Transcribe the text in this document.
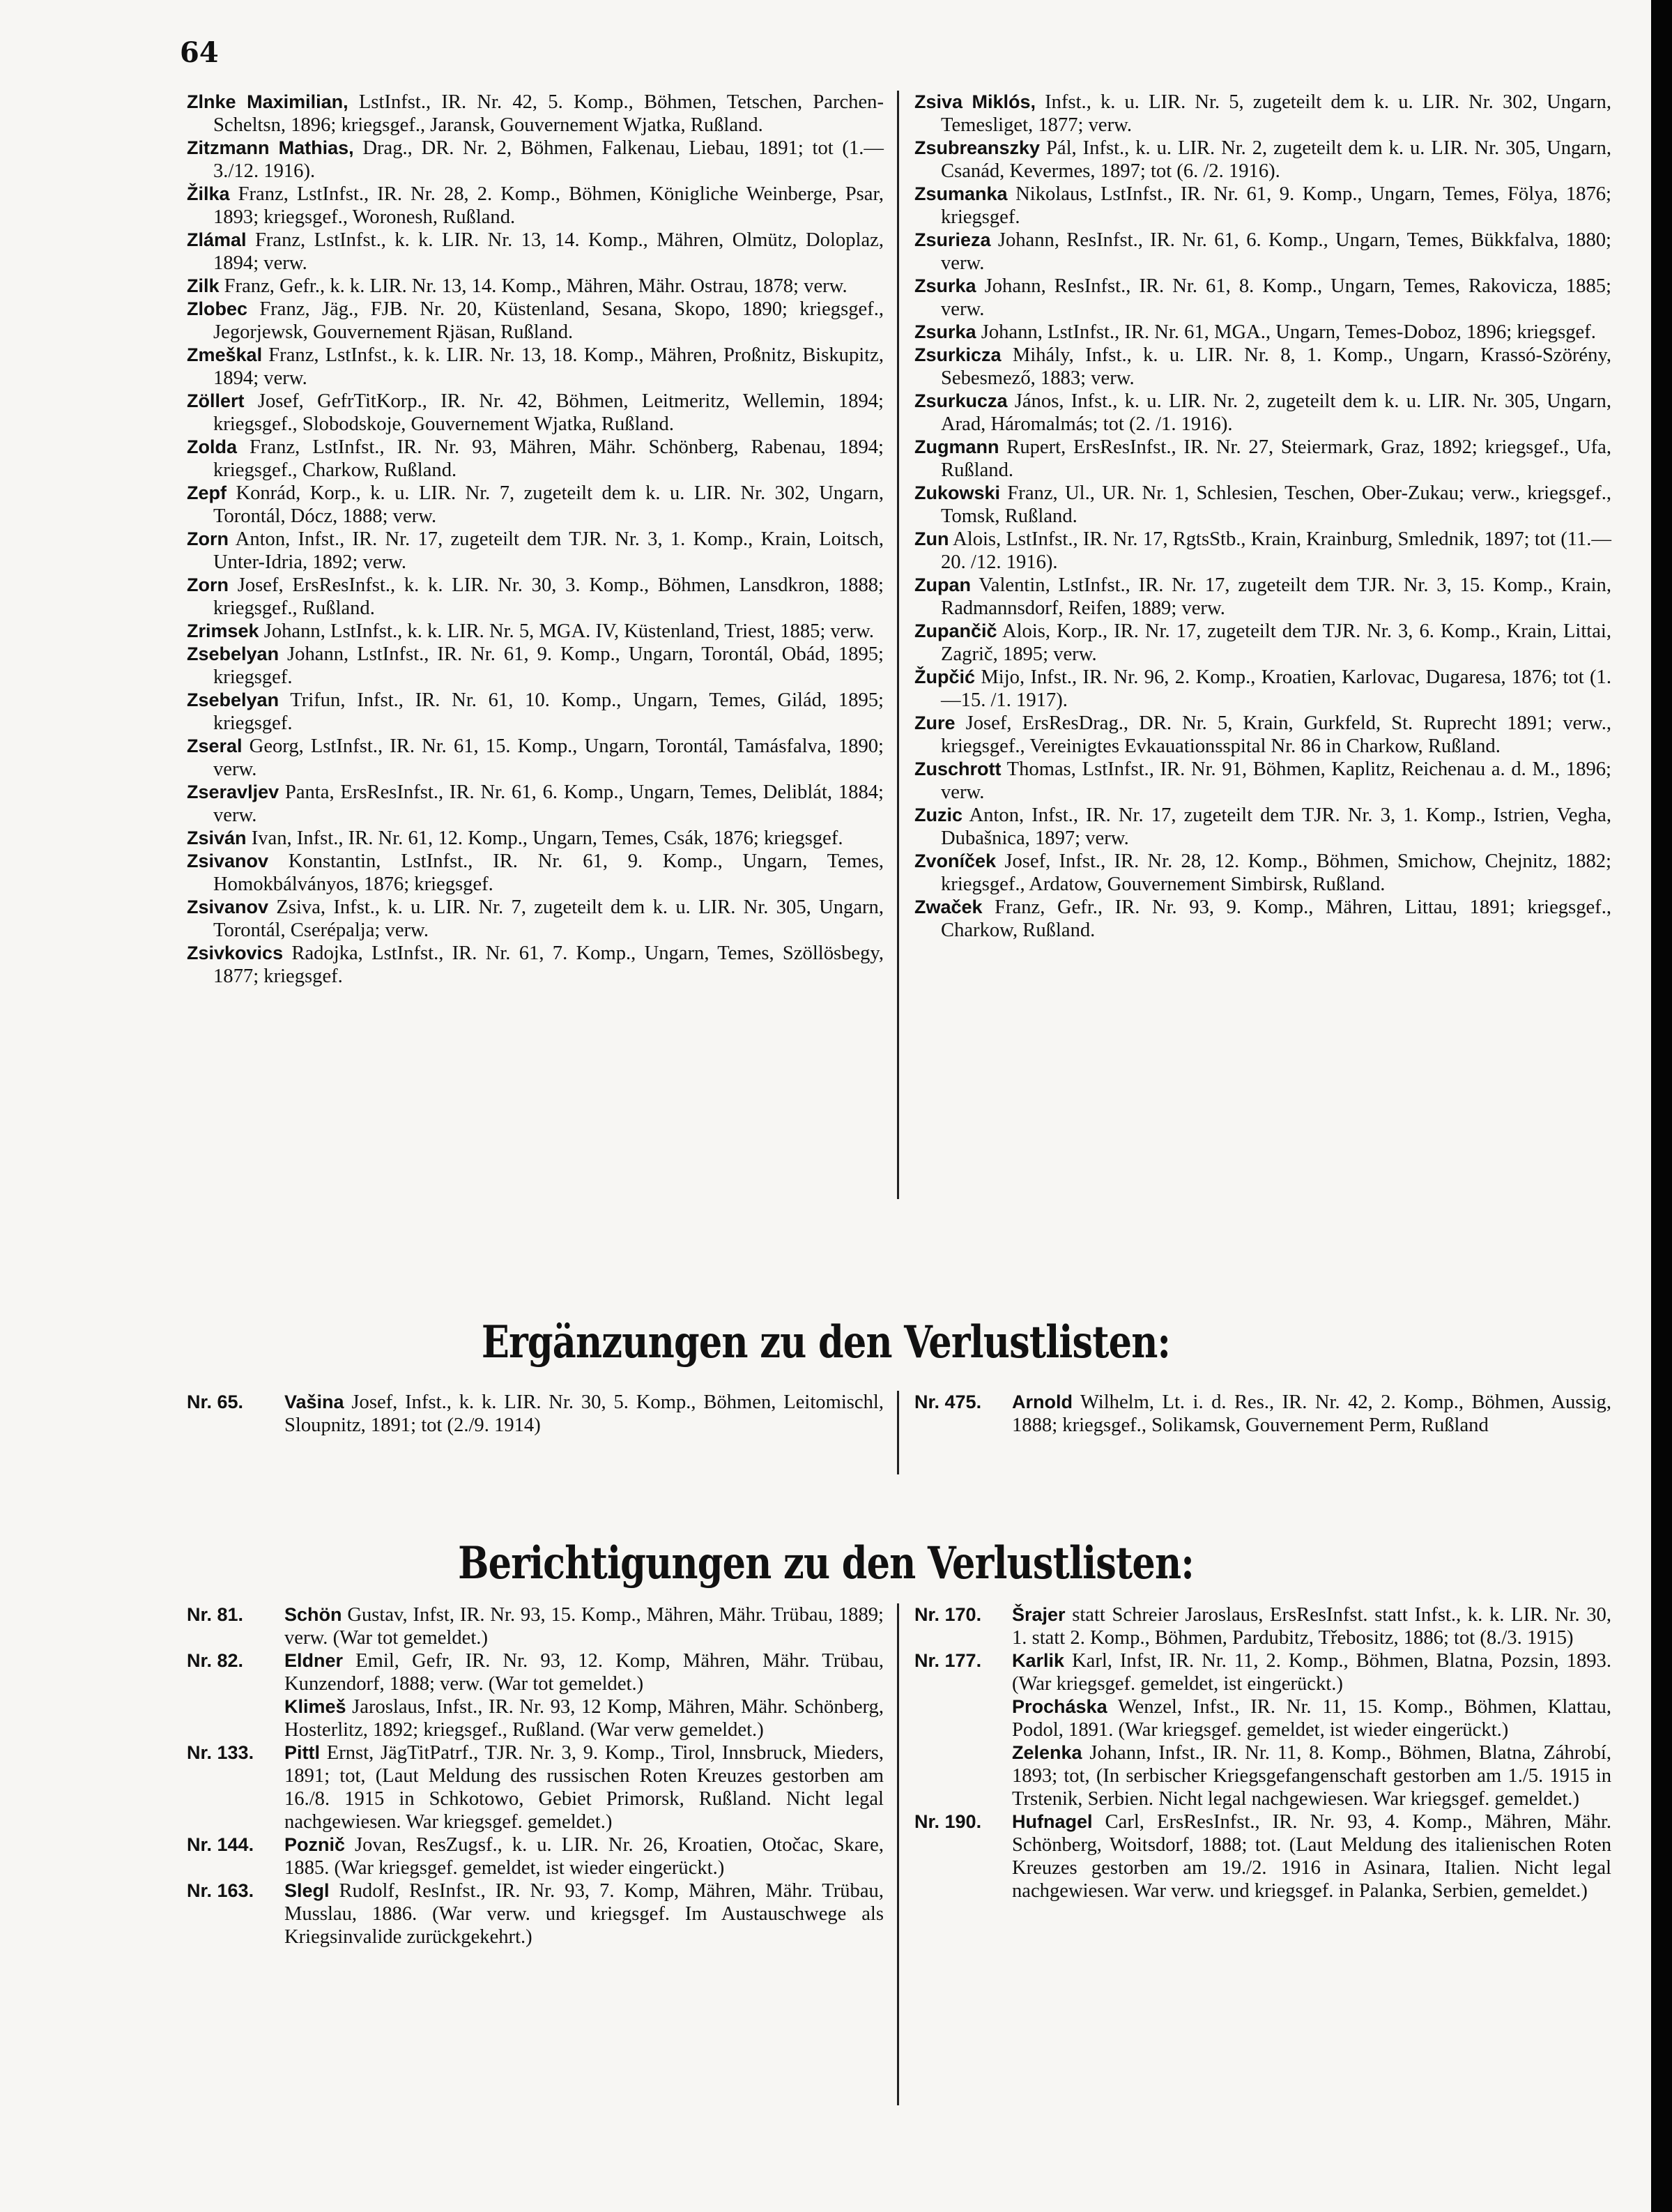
64

Zlnke Maximilian, LstInfst., IR. Nr. 42, 5. Komp., Böhmen, Tetschen, Parchen-Scheltsn, 1896; kriegsgef., Jaransk, Gouvernement Wjatka, Rußland.

Zitzmann Mathias, Drag., DR. Nr. 2, Böhmen, Falkenau, Liebau, 1891; tot (1.—3./12. 1916).

Žilka Franz, LstInfst., IR. Nr. 28, 2. Komp., Böhmen, Königliche Weinberge, Psar, 1893; kriegsgef., Woronesh, Rußland.

Zlámal Franz, LstInfst., k. k. LIR. Nr. 13, 14. Komp., Mähren, Olmütz, Doloplaz, 1894; verw.

Zilk Franz, Gefr., k. k. LIR. Nr. 13, 14. Komp., Mähren, Mähr. Ostrau, 1878; verw.

Zlobec Franz, Jäg., FJB. Nr. 20, Küstenland, Sesana, Skopo, 1890; kriegsgef., Jegorjewsk, Gouvernement Rjäsan, Rußland.

Zmeškal Franz, LstInfst., k. k. LIR. Nr. 13, 18. Komp., Mähren, Proßnitz, Biskupitz, 1894; verw.

Zöllert Josef, GefrTitKorp., IR. Nr. 42, Böhmen, Leitmeritz, Wellemin, 1894; kriegsgef., Slobodskoje, Gouvernement Wjatka, Rußland.

Zolda Franz, LstInfst., IR. Nr. 93, Mähren, Mähr. Schönberg, Rabenau, 1894; kriegsgef., Charkow, Rußland.

Zepf Konrád, Korp., k. u. LIR. Nr. 7, zugeteilt dem k. u. LIR. Nr. 302, Ungarn, Torontál, Dócz, 1888; verw.

Zorn Anton, Infst., IR. Nr. 17, zugeteilt dem TJR. Nr. 3, 1. Komp., Krain, Loitsch, Unter-Idria, 1892; verw.

Zorn Josef, ErsResInfst., k. k. LIR. Nr. 30, 3. Komp., Böhmen, Lansdkron, 1888; kriegsgef., Rußland.

Zrimsek Johann, LstInfst., k. k. LIR. Nr. 5, MGA. IV, Küstenland, Triest, 1885; verw.

Zsebelyan Johann, LstInfst., IR. Nr. 61, 9. Komp., Ungarn, Torontál, Obád, 1895; kriegsgef.

Zsebelyan Trifun, Infst., IR. Nr. 61, 10. Komp., Ungarn, Temes, Gilád, 1895; kriegsgef.

Zseral Georg, LstInfst., IR. Nr. 61, 15. Komp., Ungarn, Torontál, Tamásfalva, 1890; verw.

Zseravljev Panta, ErsResInfst., IR. Nr. 61, 6. Komp., Ungarn, Temes, Deliblát, 1884; verw.

Zsiván Ivan, Infst., IR. Nr. 61, 12. Komp., Ungarn, Temes, Csák, 1876; kriegsgef.

Zsivanov Konstantin, LstInfst., IR. Nr. 61, 9. Komp., Ungarn, Temes, Homokbálványos, 1876; kriegsgef.

Zsivanov Zsiva, Infst., k. u. LIR. Nr. 7, zugeteilt dem k. u. LIR. Nr. 305, Ungarn, Torontál, Cserépalja; verw.

Zsivkovics Radojka, LstInfst., IR. Nr. 61, 7. Komp., Ungarn, Temes, Szöllösbegy, 1877; kriegsgef.

Zsiva Miklós, Infst., k. u. LIR. Nr. 5, zugeteilt dem k. u. LIR. Nr. 302, Ungarn, Temesliget, 1877; verw.

Zsubreanszky Pál, Infst., k. u. LIR. Nr. 2, zugeteilt dem k. u. LIR. Nr. 305, Ungarn, Csanád, Kevermes, 1897; tot (6. /2. 1916).

Zsumanka Nikolaus, LstInfst., IR. Nr. 61, 9. Komp., Ungarn, Temes, Fölya, 1876; kriegsgef.

Zsurieza Johann, ResInfst., IR. Nr. 61, 6. Komp., Ungarn, Temes, Bükkfalva, 1880; verw.

Zsurka Johann, ResInfst., IR. Nr. 61, 8. Komp., Ungarn, Temes, Rakovicza, 1885; verw.

Zsurka Johann, LstInfst., IR. Nr. 61, MGA., Ungarn, Temes-Doboz, 1896; kriegsgef.

Zsurkicza Mihály, Infst., k. u. LIR. Nr. 8, 1. Komp., Ungarn, Krassó-Szörény, Sebesmező, 1883; verw.

Zsurkucza János, Infst., k. u. LIR. Nr. 2, zugeteilt dem k. u. LIR. Nr. 305, Ungarn, Arad, Háromalmás; tot (2. /1. 1916).

Zugmann Rupert, ErsResInfst., IR. Nr. 27, Steiermark, Graz, 1892; kriegsgef., Ufa, Rußland.

Zukowski Franz, Ul., UR. Nr. 1, Schlesien, Teschen, Ober-Zukau; verw., kriegsgef., Tomsk, Rußland.

Zun Alois, LstInfst., IR. Nr. 17, RgtsStb., Krain, Krainburg, Smlednik, 1897; tot (11.—20. /12. 1916).

Zupan Valentin, LstInfst., IR. Nr. 17, zugeteilt dem TJR. Nr. 3, 15. Komp., Krain, Radmannsdorf, Reifen, 1889; verw.

Zupančič Alois, Korp., IR. Nr. 17, zugeteilt dem TJR. Nr. 3, 6. Komp., Krain, Littai, Zagrič, 1895; verw.

Župčić Mijo, Infst., IR. Nr. 96, 2. Komp., Kroatien, Karlovac, Dugaresa, 1876; tot (1.—15. /1. 1917).

Zure Josef, ErsResDrag., DR. Nr. 5, Krain, Gurkfeld, St. Ruprecht 1891; verw., kriegsgef., Vereinigtes Evkauationsspital Nr. 86 in Charkow, Rußland.

Zuschrott Thomas, LstInfst., IR. Nr. 91, Böhmen, Kaplitz, Reichenau a. d. M., 1896; verw.

Zuzic Anton, Infst., IR. Nr. 17, zugeteilt dem TJR. Nr. 3, 1. Komp., Istrien, Vegha, Dubašnica, 1897; verw.

Zvoníček Josef, Infst., IR. Nr. 28, 12. Komp., Böhmen, Smichow, Chejnitz, 1882; kriegsgef., Ardatow, Gouvernement Simbirsk, Rußland.

Zwaček Franz, Gefr., IR. Nr. 93, 9. Komp., Mähren, Littau, 1891; kriegsgef., Charkow, Rußland.

Ergänzungen zu den Verlustlisten:
Nr. 65.	Vašina Josef, Infst., k. k. LIR. Nr. 30, 5. Komp., Böhmen, Leitomischl, Sloupnitz, 1891; tot (2./9. 1914)
Nr. 475.	Arnold Wilhelm, Lt. i. d. Res., IR. Nr. 42, 2. Komp., Böhmen, Aussig, 1888; kriegsgef., Solikamsk, Gouvernement Perm, Rußland
Berichtigungen zu den Verlustlisten:
Nr. 81.	Schön Gustav, Infst, IR. Nr. 93, 15. Komp., Mähren, Mähr. Trübau, 1889; verw. (War tot gemeldet.)
Nr. 82.	Eldner Emil, Gefr, IR. Nr. 93, 12. Komp, Mähren, Mähr. Trübau, Kunzendorf, 1888; verw. (War tot gemeldet.)
Klimeš Jaroslaus, Infst., IR. Nr. 93, 12 Komp, Mähren, Mähr. Schönberg, Hosterlitz, 1892; kriegsgef., Rußland. (War verw gemeldet.)
Nr. 133.	Pittl Ernst, JägTitPatrf., TJR. Nr. 3, 9. Komp., Tirol, Innsbruck, Mieders, 1891; tot, (Laut Meldung des russischen Roten Kreuzes gestorben am 16./8. 1915 in Schkotowo, Gebiet Primorsk, Rußland. Nicht legal nachgewiesen. War kriegsgef. gemeldet.)
Nr. 144.	Poznič Jovan, ResZugsf., k. u. LIR. Nr. 26, Kroatien, Otočac, Skare, 1885. (War kriegsgef. gemeldet, ist wieder eingerückt.)
Nr. 163.	Slegl Rudolf, ResInfst., IR. Nr. 93, 7. Komp, Mähren, Mähr. Trübau, Musslau, 1886. (War verw. und kriegsgef. Im Austauschwege als Kriegsinvalide zurückgekehrt.)
Nr. 170.	Šrajer statt Schreier Jaroslaus, ErsResInfst. statt Infst., k. k. LIR. Nr. 30, 1. statt 2. Komp., Böhmen, Pardubitz, Třebositz, 1886; tot (8./3. 1915)
Nr. 177.	Karlik Karl, Infst, IR. Nr. 11, 2. Komp., Böhmen, Blatna, Pozsin, 1893. (War kriegsgef. gemeldet, ist eingerückt.)
Procháska Wenzel, Infst., IR. Nr. 11, 15. Komp., Böhmen, Klattau, Podol, 1891. (War kriegsgef. gemeldet, ist wieder eingerückt.)
Zelenka Johann, Infst., IR. Nr. 11, 8. Komp., Böhmen, Blatna, Záhrobí, 1893; tot, (In serbischer Kriegsgefangenschaft gestorben am 1./5. 1915 in Trstenik, Serbien. Nicht legal nachgewiesen. War kriegsgef. gemeldet.)
Nr. 190.	Hufnagel Carl, ErsResInfst., IR. Nr. 93, 4. Komp., Mähren, Mähr. Schönberg, Woitsdorf, 1888; tot. (Laut Meldung des italienischen Roten Kreuzes gestorben am 19./2. 1916 in Asinara, Italien. Nicht legal nachgewiesen. War verw. und kriegsgef. in Palanka, Serbien, gemeldet.)
